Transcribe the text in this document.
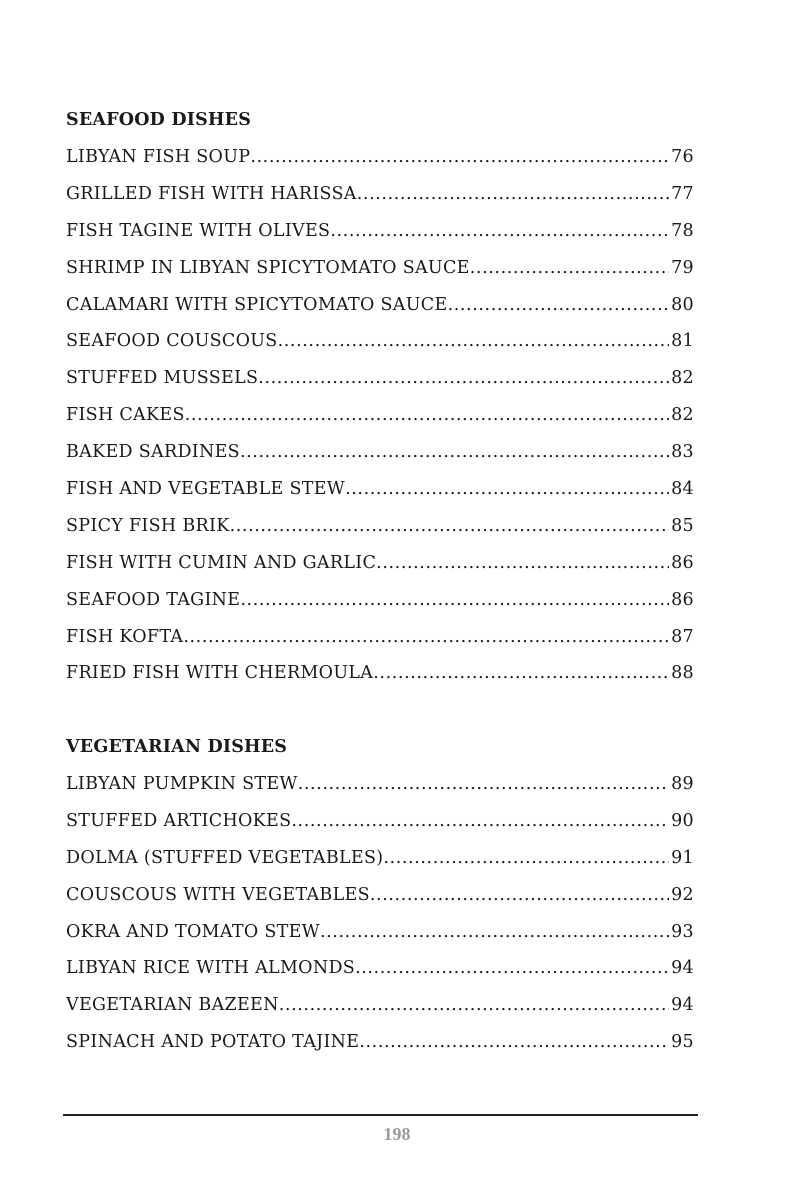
SEAFOOD DISHES
LIBYAN FISH SOUP .....	76
GRILLED FISH WITH HARISSA .....	77
FISH TAGINE WITH OLIVES .....	78
SHRIMP IN LIBYAN SPICYTOMATO SAUCE .....	79
CALAMARI WITH SPICYTOMATO SAUCE .....	80
SEAFOOD COUSCOUS .....	81
STUFFED MUSSELS .....	82
FISH CAKES .....	82
BAKED SARDINES .....	83
FISH AND VEGETABLE STEW .....	84
SPICY FISH BRIK .....	85
FISH WITH CUMIN AND GARLIC .....	86
SEAFOOD TAGINE .....	86
FISH KOFTA .....	87
FRIED FISH WITH CHERMOULA .....	88
VEGETARIAN DISHES
LIBYAN PUMPKIN STEW .....	89
STUFFED ARTICHOKES .....	90
DOLMA (STUFFED VEGETABLES) .....	91
COUSCOUS WITH VEGETABLES .....	92
OKRA AND TOMATO STEW .....	93
LIBYAN RICE WITH ALMONDS .....	94
VEGETARIAN BAZEEN .....	94
SPINACH AND POTATO TAJINE .....	95
198
